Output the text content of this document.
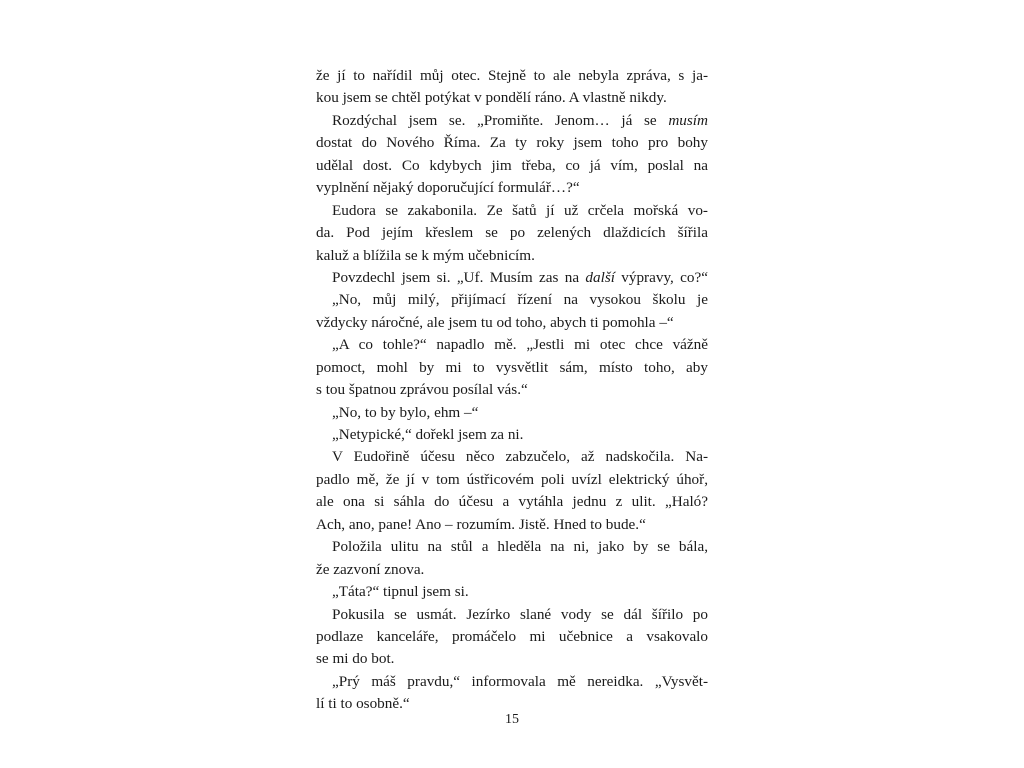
že jí to nařídil můj otec. Stejně to ale nebyla zpráva, s ja-
kou jsem se chtěl potýkat v pondělí ráno. A vlastně nikdy.
Rozdýchal jsem se. „Promiňte. Jenom… já se musím
dostat do Nového Říma. Za ty roky jsem toho pro bohy
udělal dost. Co kdybych jim třeba, co já vím, poslal na
vyplnění nějaký doporučující formulář…?“
Eudora se zakabonila. Ze šatů jí už crčela mořská vo-
da. Pod jejím křeslem se po zelených dlaždicích šířila
kaluž a blížila se k mým učebnicím.
Povzdechl jsem si. „Uf. Musím zas na další výpravy, co?“
„No, můj milý, přijímací řízení na vysokou školu je
vždycky náročné, ale jsem tu od toho, abych ti pomohla –“
„A co tohle?“ napadlo mě. „Jestli mi otec chce vážně
pomoct, mohl by mi to vysvětlit sám, místo toho, aby
s tou špatnou zprávou posílal vás.“
„No, to by bylo, ehm –“
„Netypické,“ dořekl jsem za ni.
V Eudořině účesu něco zabzučelo, až nadskočila. Na-
padlo mě, že jí v tom ústřicovém poli uvízl elektrický úhoř,
ale ona si sáhla do účesu a vytáhla jednu z ulit. „Haló?
Ach, ano, pane! Ano – rozumím. Jistě. Hned to bude.“
Položila ulitu na stůl a hleděla na ni, jako by se bála,
že zazvoní znova.
„Táta?“ tipnul jsem si.
Pokusila se usmát. Jezírko slané vody se dál šířilo po
podlaze kanceláře, promáčelo mi učebnice a vsakovalo
se mi do bot.
„Prý máš pravdu,“ informovala mě nereidka. „Vysvět-
lí ti to osobně.“
15
